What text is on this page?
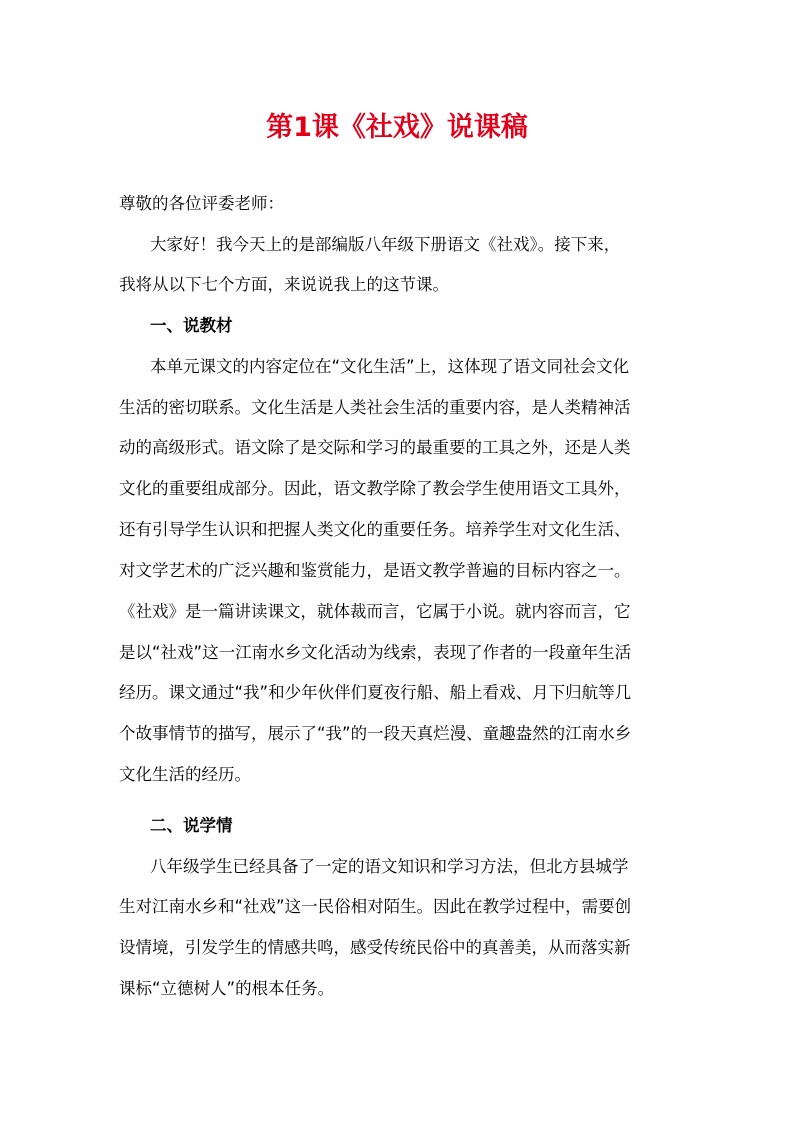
第1课《社戏》说课稿
尊敬的各位评委老师：
大家好！我今天上的是部编版八年级下册语文《社戏》。接下来，
我将从以下七个方面，来说说我上的这节课。
一、说教材
本单元课文的内容定位在“文化生活”上，这体现了语文同社会文化
生活的密切联系。文化生活是人类社会生活的重要内容，是人类精神活
动的高级形式。语文除了是交际和学习的最重要的工具之外，还是人类
文化的重要组成部分。因此，语文教学除了教会学生使用语文工具外，
还有引导学生认识和把握人类文化的重要任务。培养学生对文化生活、
对文学艺术的广泛兴趣和鉴赏能力，是语文教学普遍的目标内容之一。
《社戏》是一篇讲读课文，就体裁而言，它属于小说。就内容而言，它
是以“社戏”这一江南水乡文化活动为线索，表现了作者的一段童年生活
经历。课文通过“我”和少年伙伴们夏夜行船、船上看戏、月下归航等几
个故事情节的描写，展示了“我”的一段天真烂漫、童趣盎然的江南水乡
文化生活的经历。
二、说学情
八年级学生已经具备了一定的语文知识和学习方法，但北方县城学
生对江南水乡和“社戏”这一民俗相对陌生。因此在教学过程中，需要创
设情境，引发学生的情感共鸣，感受传统民俗中的真善美，从而落实新
课标“立德树人”的根本任务。
